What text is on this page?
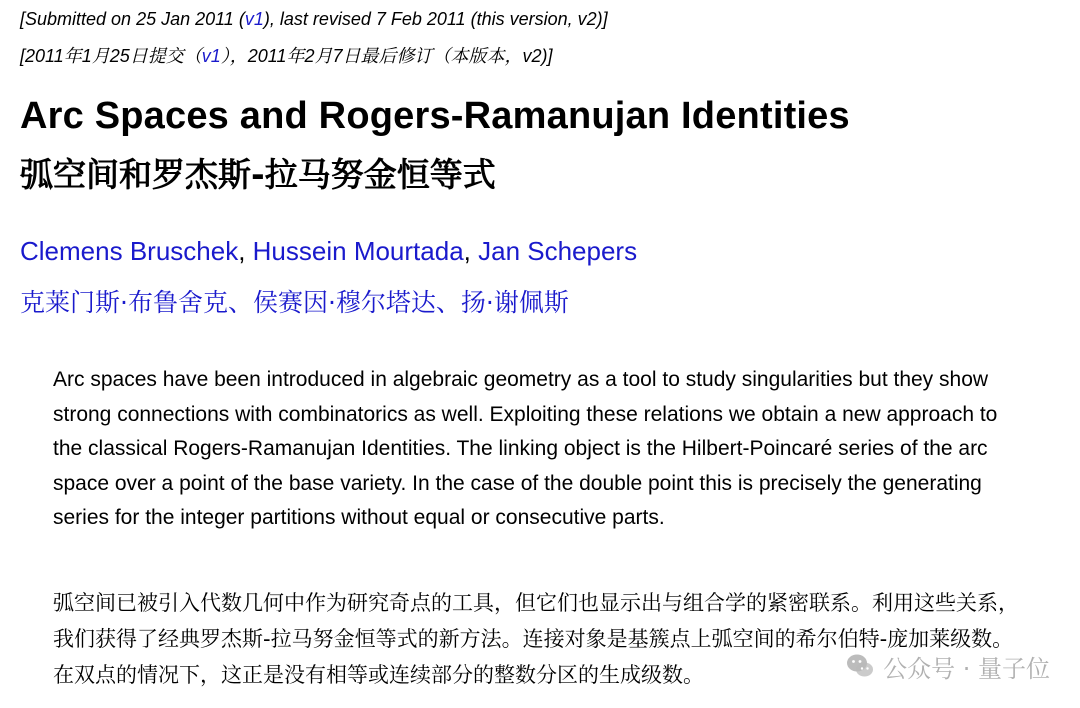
[Submitted on 25 Jan 2011 (v1), last revised 7 Feb 2011 (this version, v2)]
[2011年1月25日提交（v1），2011年2月7日最后修订（本版本，v2)]
Arc Spaces and Rogers-Ramanujan Identities
弧空间和罗杰斯-拉马努金恒等式
Clemens Bruschek, Hussein Mourtada, Jan Schepers
克莱门斯·布鲁舍克、侯赛因·穆尔塔达、扬·谢佩斯

Arc spaces have been introduced in algebraic geometry as a tool to study singularities but they show strong connections with combinatorics as well. Exploiting these relations we obtain a new approach to the classical Rogers-Ramanujan Identities. The linking object is the Hilbert-Poincaré series of the arc space over a point of the base variety. In the case of the double point this is precisely the generating series for the integer partitions without equal or consecutive parts.

弧空间已被引入代数几何中作为研究奇点的工具，但它们也显示出与组合学的紧密联系。利用这些关系，我们获得了经典罗杰斯-拉马努金恒等式的新方法。连接对象是基簇点上弧空间的希尔伯特-庞加莱级数。在双点的情况下，这正是没有相等或连续部分的整数分区的生成级数。	公众号 · 量子位
